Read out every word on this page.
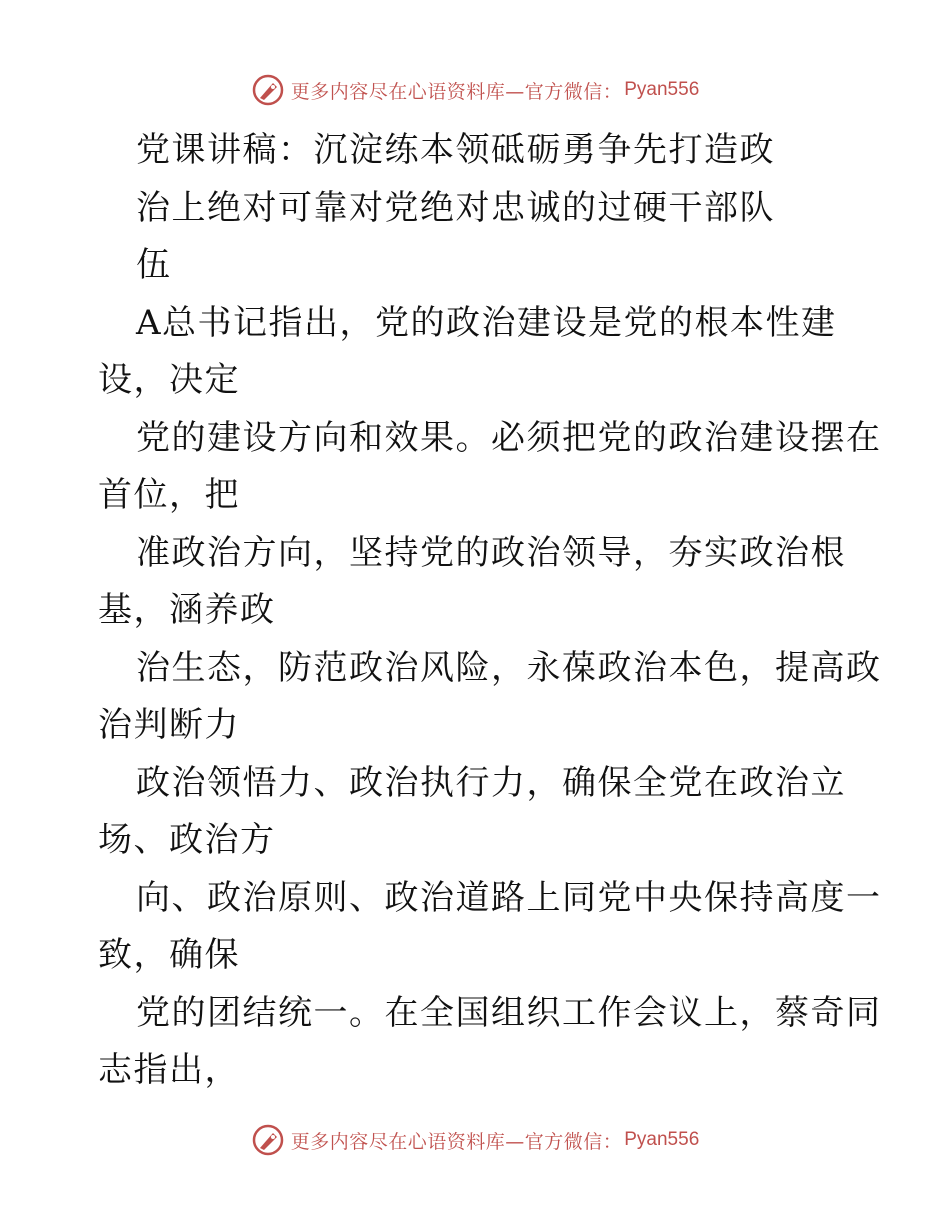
更多内容尽在心语资料库—官方微信： Pyan556
党课讲稿：沉淀练本领砥砺勇争先打造政
治上绝对可靠对党绝对忠诚的过硬干部队
伍
A总书记指出，党的政治建设是党的根本性建
设，决定
党的建设方向和效果。必须把党的政治建设摆在
首位，把
准政治方向，坚持党的政治领导，夯实政治根
基，涵养政
治生态，防范政治风险，永葆政治本色，提高政
治判断力
政治领悟力、政治执行力，确保全党在政治立
场、政治方
向、政治原则、政治道路上同党中央保持高度一
致，确保
党的团结统一。在全国组织工作会议上，蔡奇同
志指出，
更多内容尽在心语资料库—官方微信： Pyan556
